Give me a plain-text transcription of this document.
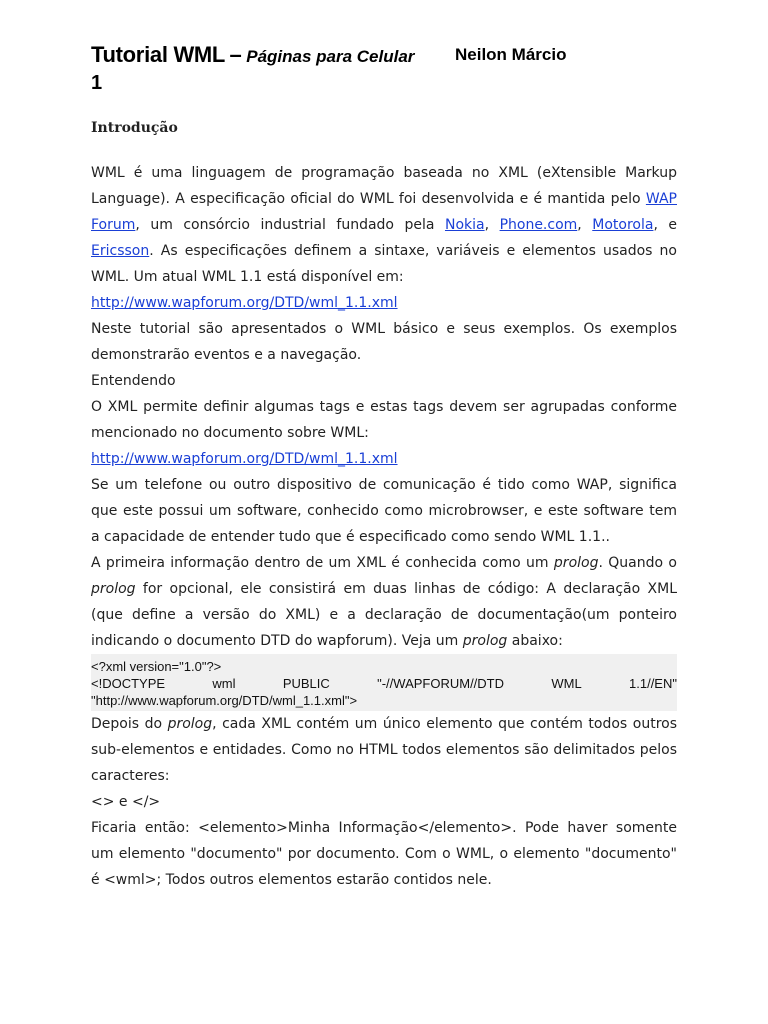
Tutorial WML – Páginas para Celular Neilon Márcio
1
Introdução

WML é uma linguagem de programação baseada no XML (eXtensible Markup Language). A especificação oficial do WML foi desenvolvida e é mantida pelo WAP Forum, um consórcio industrial fundado pela Nokia, Phone.com, Motorola, e Ericsson. As especificações definem a sintaxe, variáveis e elementos usados no WML. Um atual WML 1.1 está disponível em:

http://www.wapforum.org/DTD/wml_1.1.xml

Neste tutorial são apresentados o WML básico e seus exemplos. Os exemplos demonstrarão eventos e a navegação.

Entendendo

O XML permite definir algumas tags e estas tags devem ser agrupadas conforme mencionado no documento sobre WML:

http://www.wapforum.org/DTD/wml_1.1.xml

Se um telefone ou outro dispositivo de comunicação é tido como WAP, significa que este possui um software, conhecido como microbrowser, e este software tem a capacidade de entender tudo que é especificado como sendo WML 1.1..

A primeira informação dentro de um XML é conhecida como um prolog. Quando o prolog for opcional, ele consistirá em duas linhas de código: A declaração XML (que define a versão do XML) e a declaração de documentação(um ponteiro indicando o documento DTD do wapforum). Veja um prolog abaixo:

<?xml version="1.0"?>
<!DOCTYPE	wml	PUBLIC	"-//WAPFORUM//DTD	WML	1.1//EN"
"http://www.wapforum.org/DTD/wml_1.1.xml">

Depois do prolog, cada XML contém um único elemento que contém todos outros sub-elementos e entidades. Como no HTML todos elementos são delimitados pelos caracteres:

<> e </>

Ficaria então: <elemento>Minha Informação</elemento>. Pode haver somente um elemento "documento" por documento. Com o WML, o elemento "documento" é <wml>; Todos outros elementos estarão contidos nele.
